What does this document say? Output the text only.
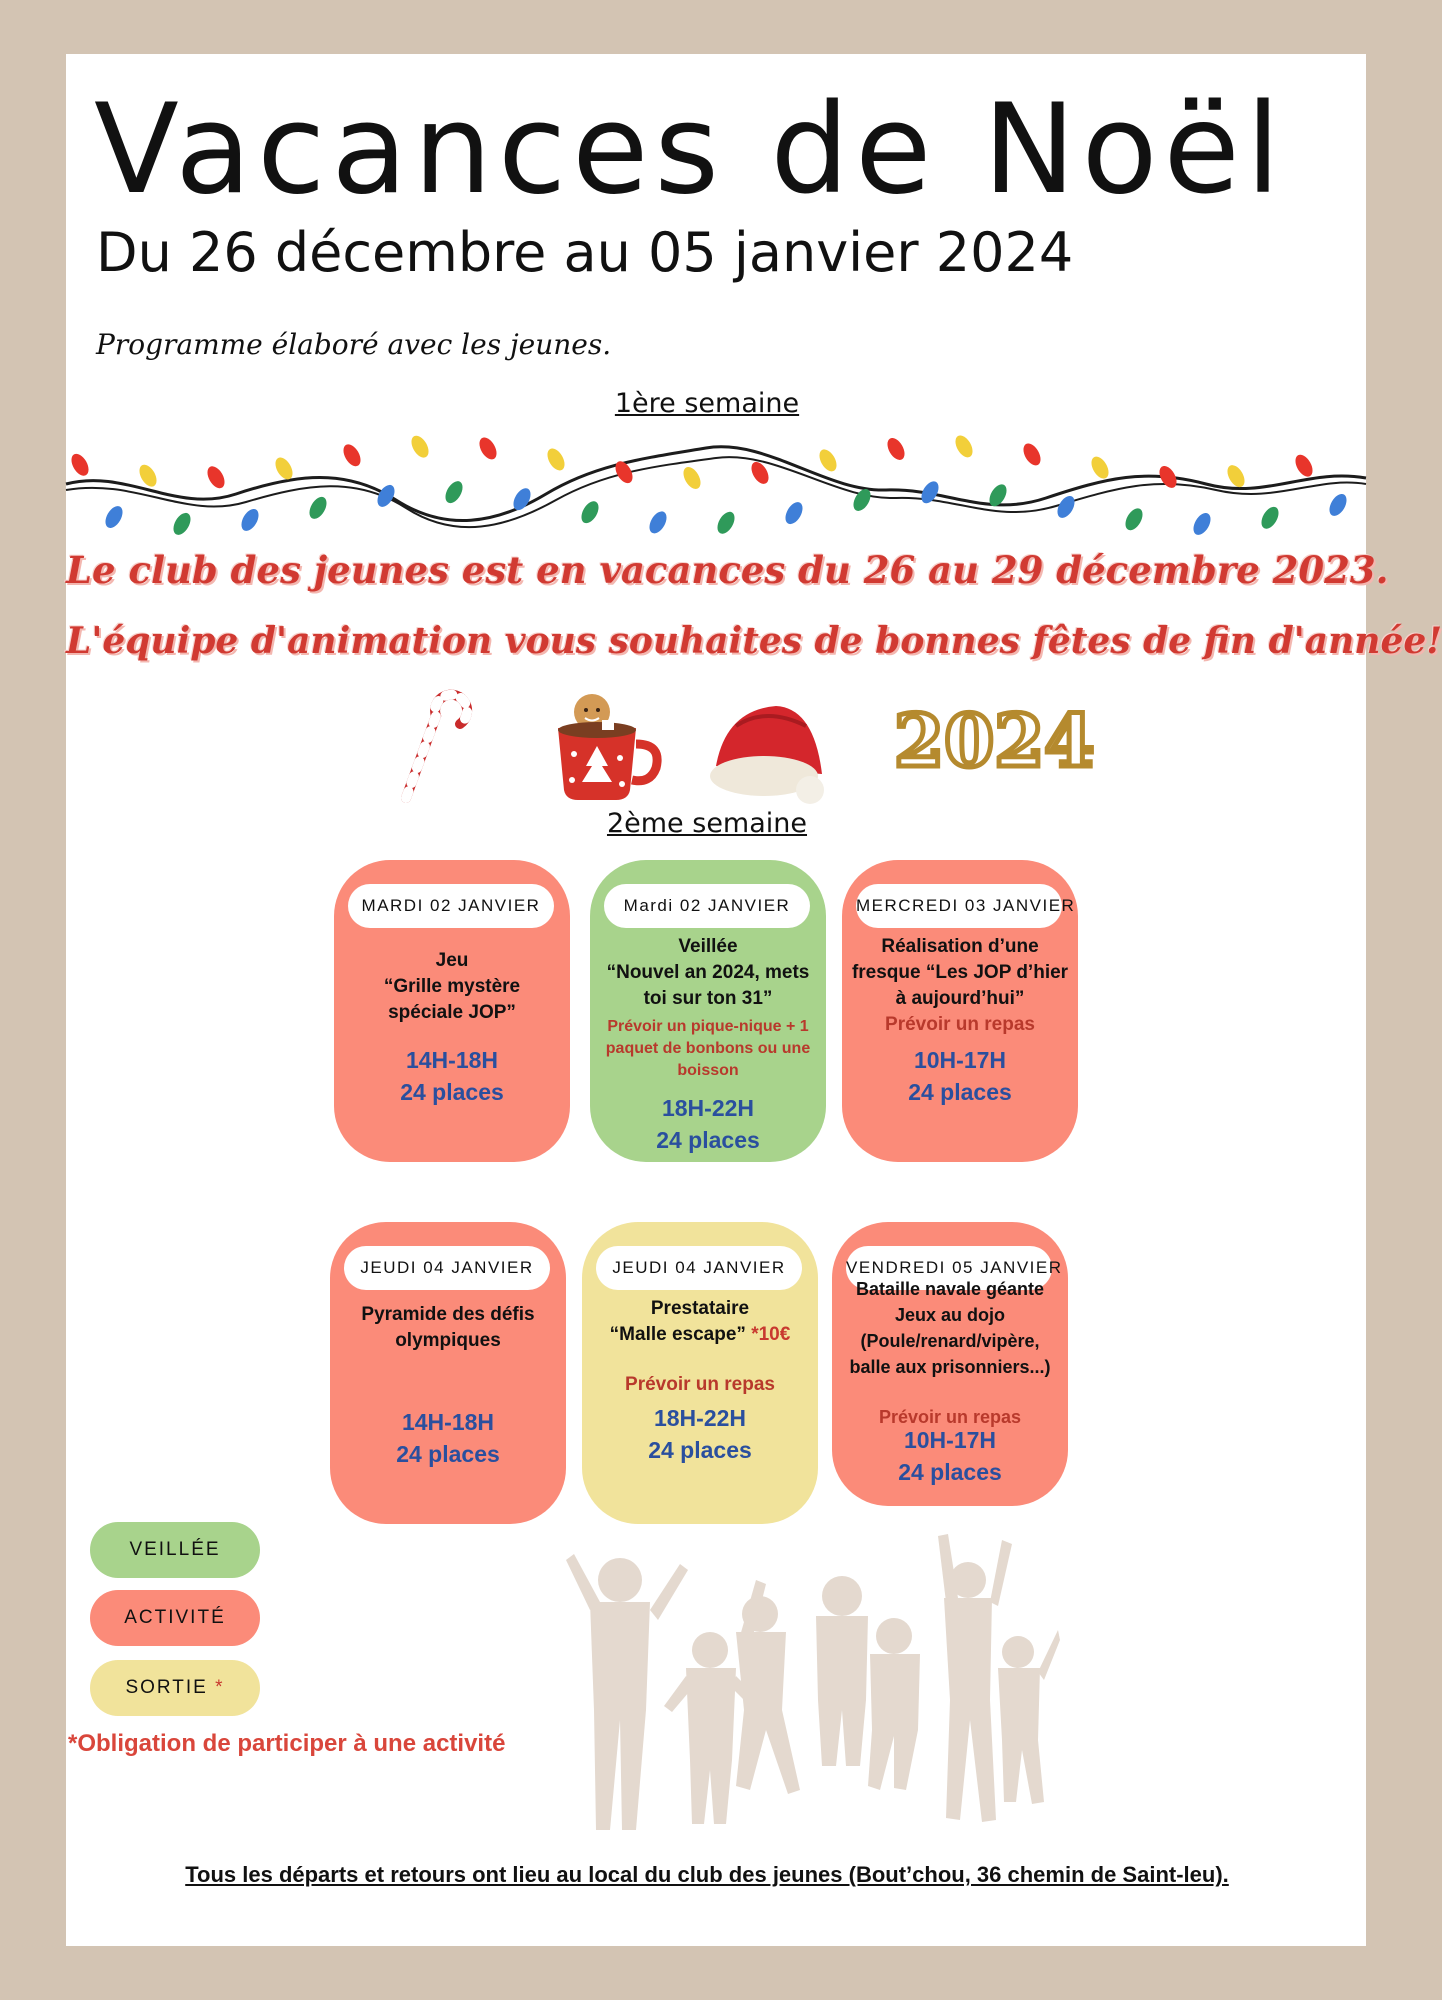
Vacances de Noël
Du 26 décembre au 05 janvier 2024
Programme élaboré avec les jeunes.
1ère semaine
Le club des jeunes est en vacances du 26 au 29 décembre 2023.
L'équipe d'animation vous souhaites de bonnes fêtes de fin d'année!
2024
2ème semaine
MARDI 02 JANVIER
Jeu
“Grille mystère
spéciale JOP”
14H-18H
24 places
Mardi 02 JANVIER
Veillée
“Nouvel an 2024, mets
toi sur ton 31”
Prévoir un pique-nique + 1 paquet de bonbons ou une boisson
18H-22H
24 places
MERCREDI 03 JANVIER
Réalisation d’une
fresque “Les JOP d’hier
à aujourd’hui”
Prévoir un repas
10H-17H
24 places
JEUDI 04 JANVIER
Pyramide des défis
olympiques
14H-18H
24 places
JEUDI 04 JANVIER
Prestataire
“Malle escape” *10€
Prévoir un repas
18H-22H
24 places
VENDREDI 05 JANVIER
Bataille navale géante
Jeux au dojo
(Poule/renard/vipère,
balle aux prisonniers...)
Prévoir un repas
10H-17H
24 places
VEILLÉE
ACTIVITÉ
SORTIE *
*Obligation de participer à une activité
Tous les départs et retours ont lieu au local du club des jeunes (Bout’chou, 36 chemin de Saint-leu).
